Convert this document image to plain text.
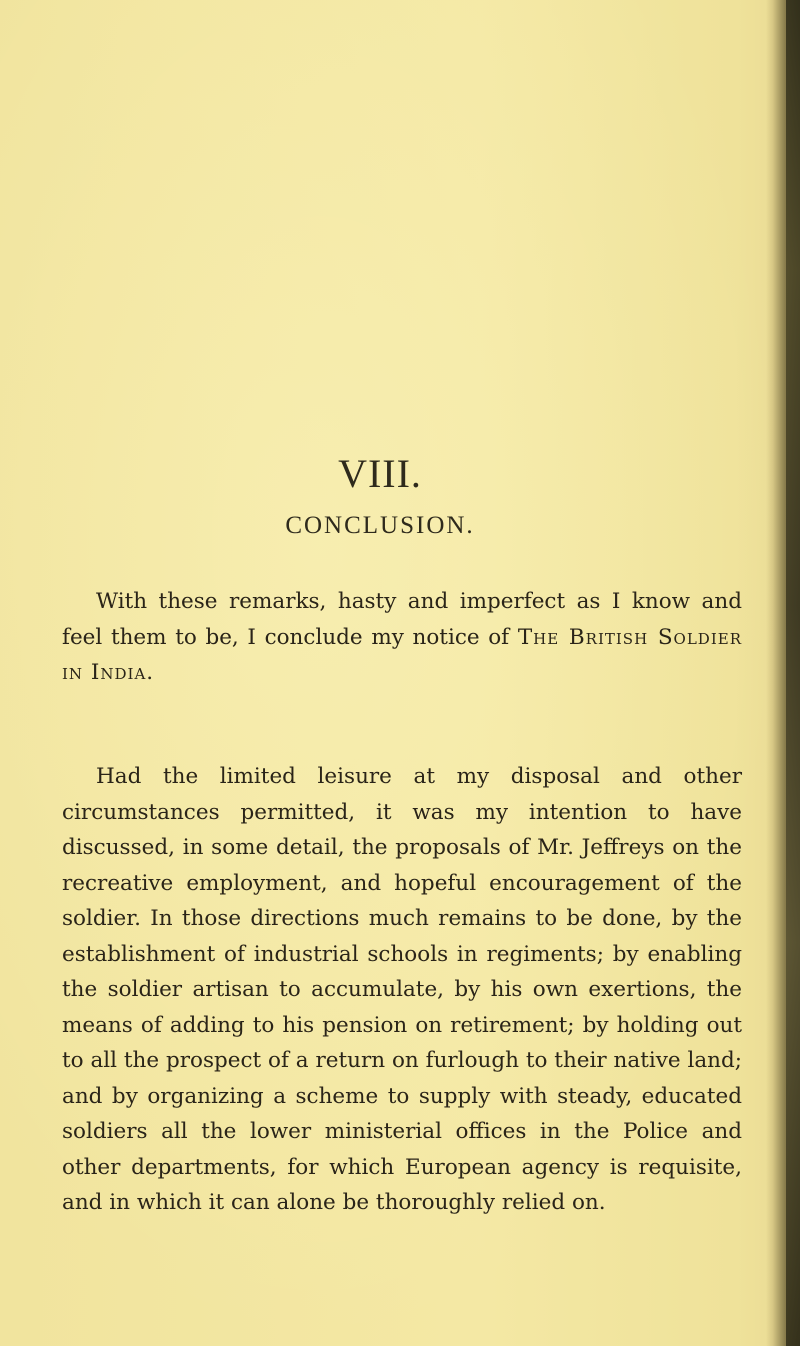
VIII.
CONCLUSION.
With these remarks, hasty and imperfect as I know and feel them to be, I conclude my notice of The British Soldier in India.
Had the limited leisure at my disposal and other circumstances permitted, it was my intention to have discussed, in some detail, the proposals of Mr. Jeffreys on the recreative employment, and hopeful encouragement of the soldier. In those directions much remains to be done, by the establishment of industrial schools in regiments; by enabling the soldier artisan to accumulate, by his own exertions, the means of adding to his pension on retirement; by holding out to all the prospect of a return on furlough to their native land; and by organizing a scheme to supply with steady, educated soldiers all the lower ministerial offices in the Police and other departments, for which European agency is requisite, and in which it can alone be thoroughly relied on.
